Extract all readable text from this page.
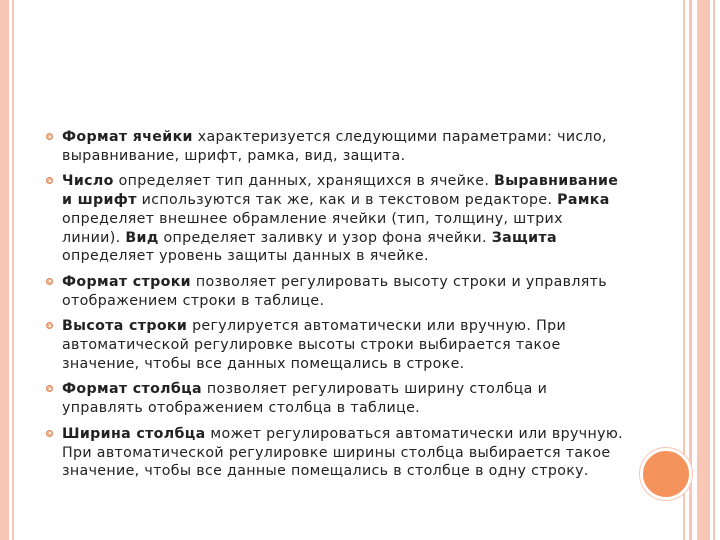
Формат ячейки характеризуется следующими параметрами: число, выравнивание, шрифт, рамка, вид, защита.
Число определяет тип данных, хранящихся в ячейке. Выравнивание и шрифт используются так же, как и в текстовом редакторе. Рамка определяет внешнее обрамление ячейки (тип, толщину, штрих линии). Вид определяет заливку и узор фона ячейки. Защита определяет уровень защиты данных в ячейке.
Формат строки позволяет регулировать высоту строки и управлять отображением строки в таблице.
Высота строки регулируется автоматически или вручную. При автоматической регулировке высоты строки выбирается такое значение, чтобы все данных помещались в строке.
Формат столбца позволяет регулировать ширину столбца и управлять отображением столбца в таблице.
Ширина столбца может регулироваться автоматически или вручную. При автоматической регулировке ширины столбца выбирается такое значение, чтобы все данные помещались в столбце в одну строку.
